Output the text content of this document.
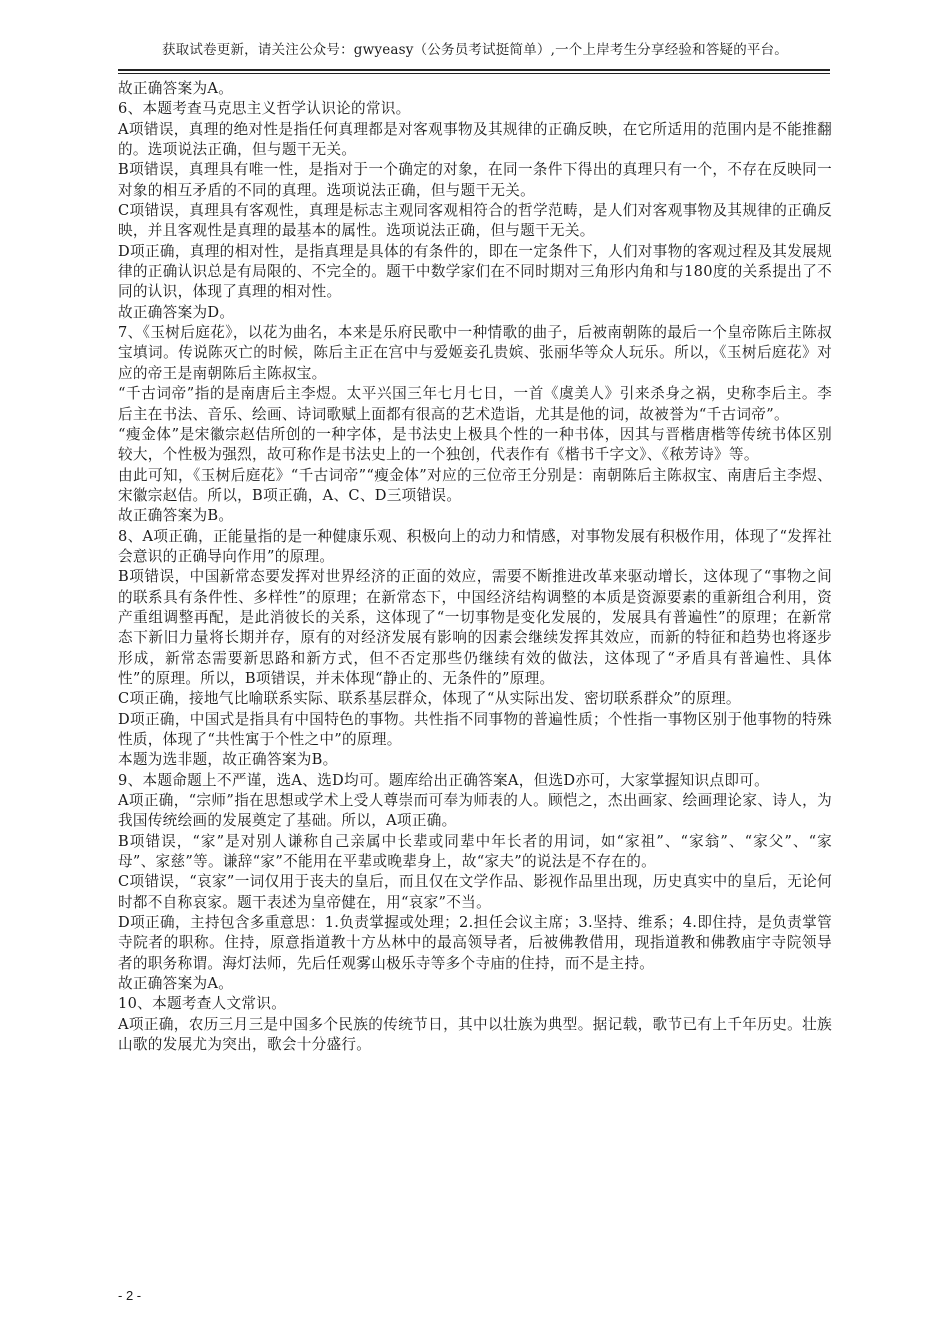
获取试卷更新，请关注公众号：gwyeasy（公务员考试挺简单）,一个上岸考生分享经验和答疑的平台。

故正确答案为A。

6、本题考查马克思主义哲学认识论的常识。

A项错误，真理的绝对性是指任何真理都是对客观事物及其规律的正确反映，在它所适用的范围内是不能推翻的。选项说法正确，但与题干无关。

B项错误，真理具有唯一性，是指对于一个确定的对象，在同一条件下得出的真理只有一个，不存在反映同一对象的相互矛盾的不同的真理。选项说法正确，但与题干无关。

C项错误，真理具有客观性，真理是标志主观同客观相符合的哲学范畴，是人们对客观事物及其规律的正确反映，并且客观性是真理的最基本的属性。选项说法正确，但与题干无关。

D项正确，真理的相对性，是指真理是具体的有条件的，即在一定条件下，人们对事物的客观过程及其发展规律的正确认识总是有局限的、不完全的。题干中数学家们在不同时期对三角形内角和与180度的关系提出了不同的认识，体现了真理的相对性。

故正确答案为D。

7、《玉树后庭花》，以花为曲名，本来是乐府民歌中一种情歌的曲子，后被南朝陈的最后一个皇帝陈后主陈叔宝填词。传说陈灭亡的时候，陈后主正在宫中与爱姬妾孔贵嫔、张丽华等众人玩乐。所以，《玉树后庭花》对应的帝王是南朝陈后主陈叔宝。

“千古词帝”指的是南唐后主李煜。太平兴国三年七月七日，一首《虞美人》引来杀身之祸，史称李后主。李后主在书法、音乐、绘画、诗词歌赋上面都有很高的艺术造诣，尤其是他的词，故被誉为“千古词帝”。

“瘦金体”是宋徽宗赵佶所创的一种字体，是书法史上极具个性的一种书体，因其与晋楷唐楷等传统书体区别较大，个性极为强烈，故可称作是书法史上的一个独创，代表作有《楷书千字文》、《秾芳诗》等。

由此可知，《玉树后庭花》“千古词帝”“瘦金体”对应的三位帝王分别是：南朝陈后主陈叔宝、南唐后主李煜、宋徽宗赵佶。所以，B项正确，A、C、D三项错误。

故正确答案为B。

8、A项正确，正能量指的是一种健康乐观、积极向上的动力和情感，对事物发展有积极作用，体现了“发挥社会意识的正确导向作用”的原理。

B项错误，中国新常态要发挥对世界经济的正面的效应，需要不断推进改革来驱动增长，这体现了“事物之间的联系具有条件性、多样性”的原理；在新常态下，中国经济结构调整的本质是资源要素的重新组合利用，资产重组调整再配，是此消彼长的关系，这体现了“一切事物是变化发展的，发展具有普遍性”的原理；在新常态下新旧力量将长期并存，原有的对经济发展有影响的因素会继续发挥其效应，而新的特征和趋势也将逐步形成，新常态需要新思路和新方式，但不否定那些仍继续有效的做法，这体现了“矛盾具有普遍性、具体性”的原理。所以，B项错误，并未体现“静止的、无条件的”原理。

C项正确，接地气比喻联系实际、联系基层群众，体现了“从实际出发、密切联系群众”的原理。

D项正确，中国式是指具有中国特色的事物。共性指不同事物的普遍性质；个性指一事物区别于他事物的特殊性质，体现了“共性寓于个性之中”的原理。

本题为选非题，故正确答案为B。

9、本题命题上不严谨，选A、选D均可。题库给出正确答案A，但选D亦可，大家掌握知识点即可。

A项正确，“宗师”指在思想或学术上受人尊崇而可奉为师表的人。顾恺之，杰出画家、绘画理论家、诗人，为我国传统绘画的发展奠定了基础。所以，A项正确。

B项错误，“家”是对别人谦称自己亲属中长辈或同辈中年长者的用词，如“家祖”、“家翁”、“家父”、“家母”、家慈”等。谦辞“家”不能用在平辈或晚辈身上，故“家夫”的说法是不存在的。

C项错误，“哀家”一词仅用于丧夫的皇后，而且仅在文学作品、影视作品里出现，历史真实中的皇后，无论何时都不自称哀家。题干表述为皇帝健在，用“哀家”不当。

D项正确，主持包含多重意思：1.负责掌握或处理；2.担任会议主席；3.坚持、维系；4.即住持，是负责掌管寺院者的职称。住持，原意指道教十方丛林中的最高领导者，后被佛教借用，现指道教和佛教庙宇寺院领导者的职务称谓。海灯法师，先后任观雾山极乐寺等多个寺庙的住持，而不是主持。

故正确答案为A。

10、本题考查人文常识。

A项正确，农历三月三是中国多个民族的传统节日，其中以壮族为典型。据记载，歌节已有上千年历史。壮族山歌的发展尤为突出，歌会十分盛行。

- 2 -
